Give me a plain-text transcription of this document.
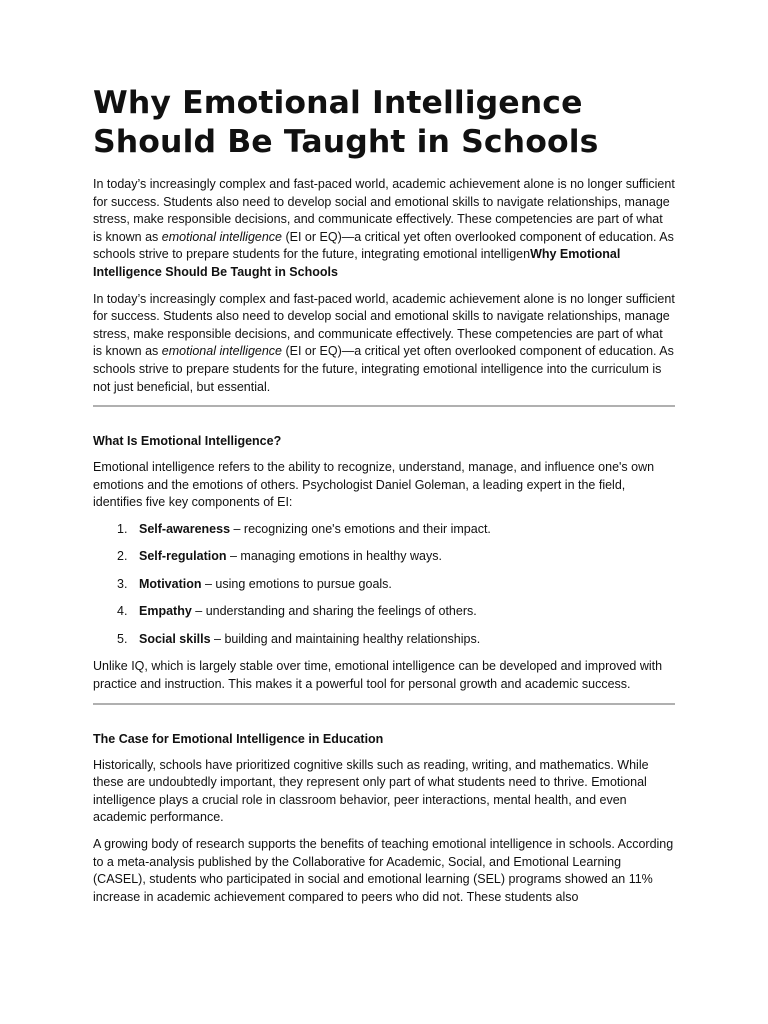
Why Emotional Intelligence Should Be Taught in Schools

In today’s increasingly complex and fast-paced world, academic achievement alone is no longer sufficient for success. Students also need to develop social and emotional skills to navigate relationships, manage stress, make responsible decisions, and communicate effectively. These competencies are part of what is known as emotional intelligence (EI or EQ)—a critical yet often overlooked component of education. As schools strive to prepare students for the future, integrating emotional intelligenWhy Emotional Intelligence Should Be Taught in Schools

In today’s increasingly complex and fast-paced world, academic achievement alone is no longer sufficient for success. Students also need to develop social and emotional skills to navigate relationships, manage stress, make responsible decisions, and communicate effectively. These competencies are part of what is known as emotional intelligence (EI or EQ)—a critical yet often overlooked component of education. As schools strive to prepare students for the future, integrating emotional intelligence into the curriculum is not just beneficial, but essential.

What Is Emotional Intelligence?

Emotional intelligence refers to the ability to recognize, understand, manage, and influence one's own emotions and the emotions of others. Psychologist Daniel Goleman, a leading expert in the field, identifies five key components of EI:

1. Self-awareness – recognizing one's emotions and their impact.
2. Self-regulation – managing emotions in healthy ways.
3. Motivation – using emotions to pursue goals.
4. Empathy – understanding and sharing the feelings of others.
5. Social skills – building and maintaining healthy relationships.

Unlike IQ, which is largely stable over time, emotional intelligence can be developed and improved with practice and instruction. This makes it a powerful tool for personal growth and academic success.

The Case for Emotional Intelligence in Education

Historically, schools have prioritized cognitive skills such as reading, writing, and mathematics. While these are undoubtedly important, they represent only part of what students need to thrive. Emotional intelligence plays a crucial role in classroom behavior, peer interactions, mental health, and even academic performance.

A growing body of research supports the benefits of teaching emotional intelligence in schools. According to a meta-analysis published by the Collaborative for Academic, Social, and Emotional Learning (CASEL), students who participated in social and emotional learning (SEL) programs showed an 11% increase in academic achievement compared to peers who did not. These students also
